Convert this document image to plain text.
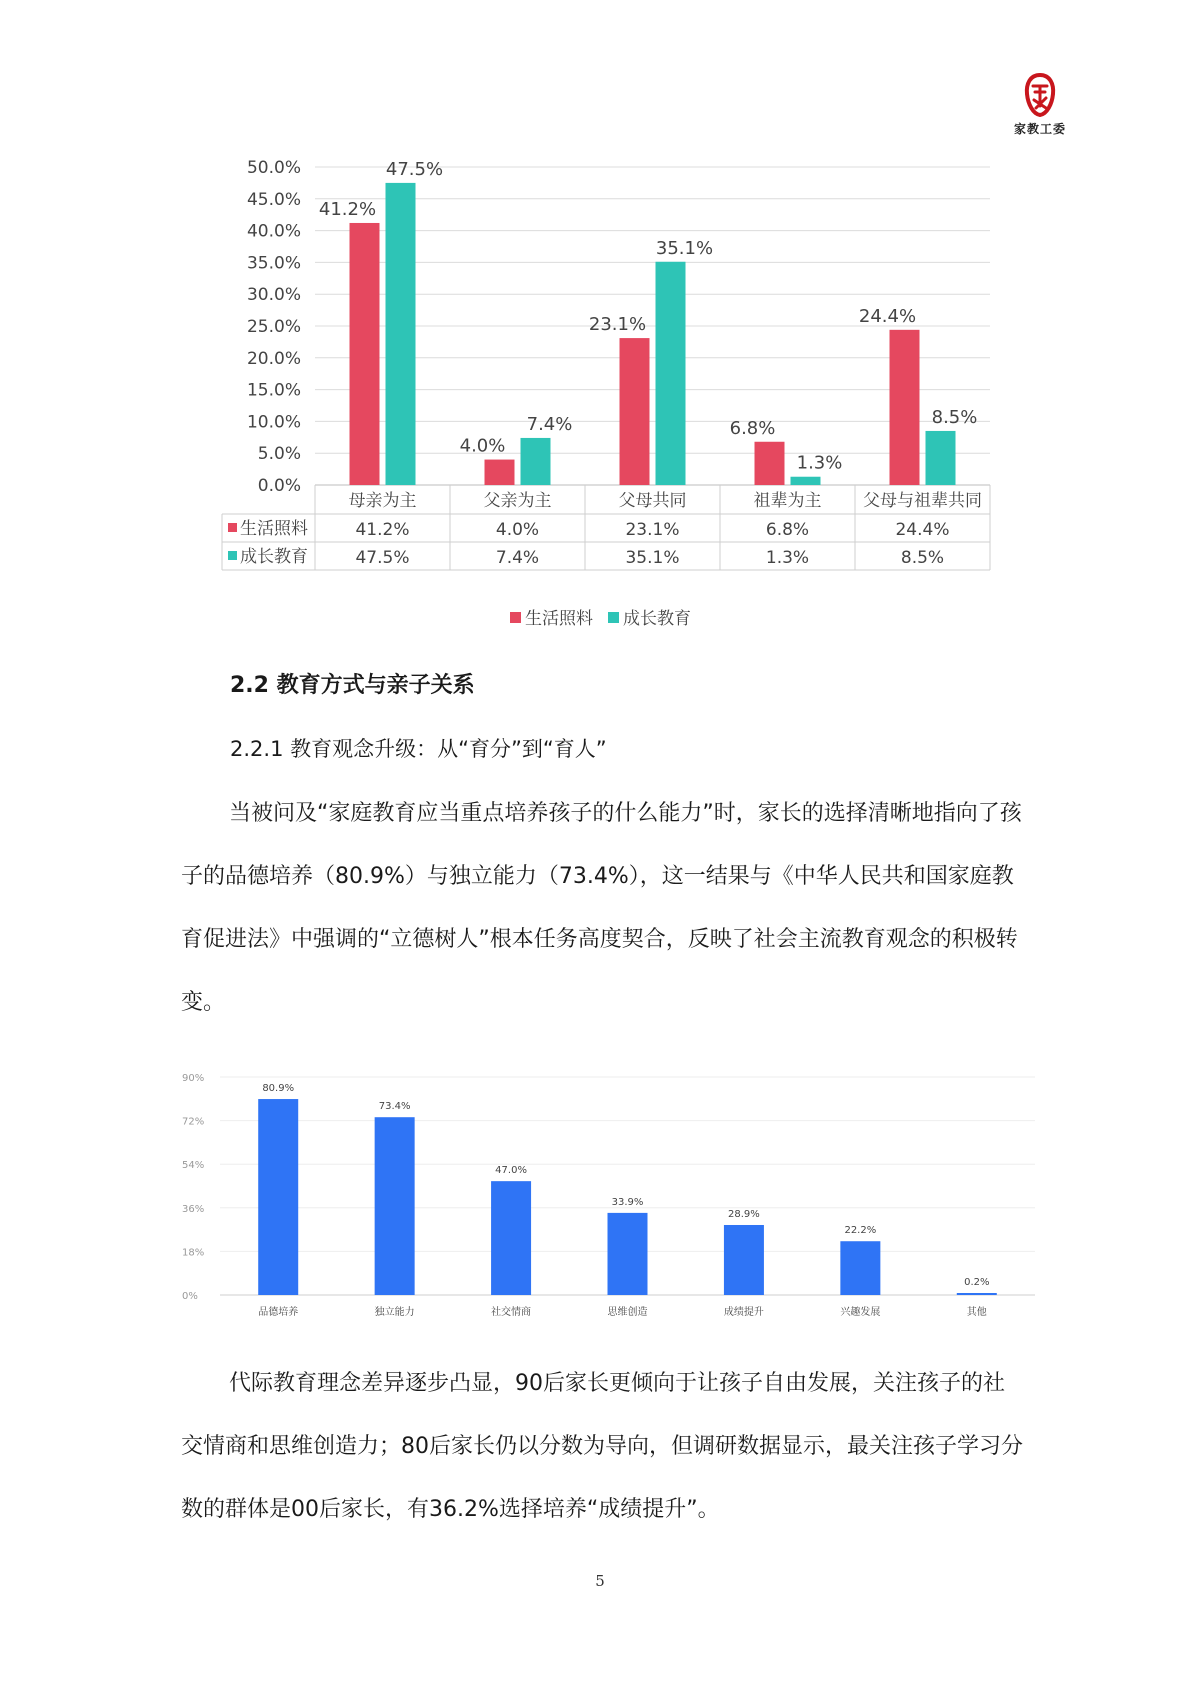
家教工委
0.0%
5.0%
10.0%
15.0%
20.0%
25.0%
30.0%
35.0%
40.0%
45.0%
50.0%
母亲为主
41.2%
41.2%
47.5%
47.5%
父亲为主
4.0%
4.0%
7.4%
7.4%
父母共同
23.1%
23.1%
35.1%
35.1%
祖辈为主
6.8%
6.8%
1.3%
1.3%
父母与祖辈共同
24.4%
24.4%
8.5%
8.5%
生活照料
成长教育
生活照料 成长教育
2.2 教育方式与亲子关系
2.2.1 教育观念升级：从“育分”到“育人”

当被问及“家庭教育应当重点培养孩子的什么能力”时，家长的选择清晰地指向了孩子的品德培养（80.9%）与独立能力（73.4%），这一结果与《中华人民共和国家庭教育促进法》中强调的“立德树人”根本任务高度契合，反映了社会主流教育观念的积极转变。

0%
18%
36%
54%
72%
90%
80.9%
品德培养
73.4%
独立能力
47.0%
社交情商
33.9%
思维创造
28.9%
成绩提升
22.2%
兴趣发展
0.2%
其他

代际教育理念差异逐步凸显，90后家长更倾向于让孩子自由发展，关注孩子的社交情商和思维创造力；80后家长仍以分数为导向，但调研数据显示，最关注孩子学习分数的群体是00后家长，有36.2%选择培养“成绩提升”。

5
